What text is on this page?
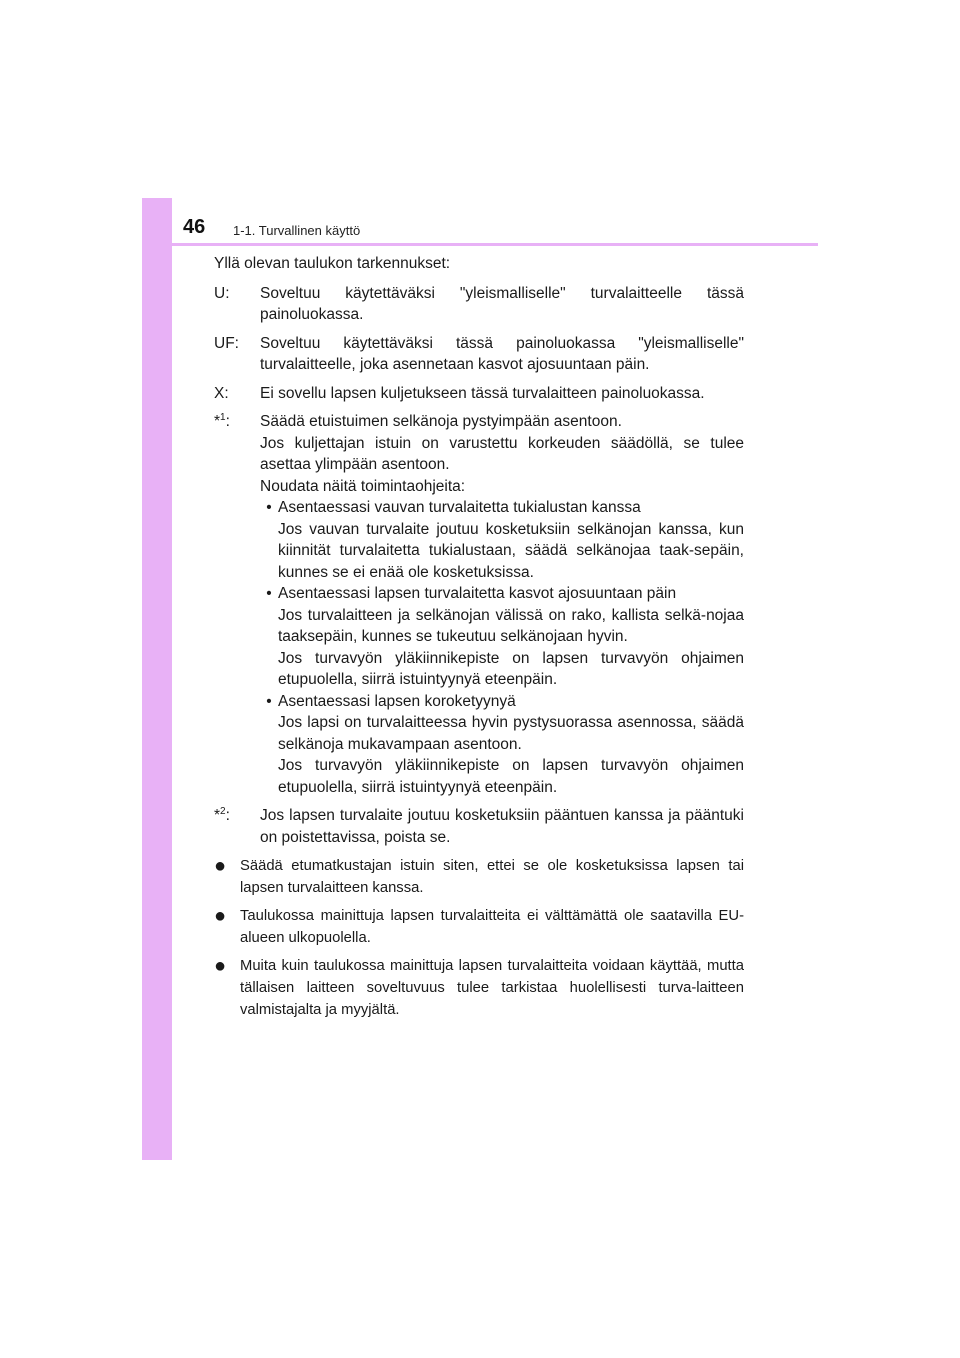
46 1-1. Turvallinen käyttö

Yllä olevan taulukon tarkennukset:

U:	Soveltuu käytettäväksi "yleismalliselle" turvalaitteelle tässä painoluokassa.
UF:	Soveltuu käytettäväksi tässä painoluokassa "yleismalliselle" turvalaitteelle, joka asennetaan kasvot ajosuuntaan päin.
X:	Ei sovellu lapsen kuljetukseen tässä turvalaitteen painoluokassa.
*$^1$:	Säädä etuistuimen selkänoja pystyimpään asentoon.

Jos kuljettajan istuin on varustettu korkeuden säädöllä, se tulee asettaa ylimpään asentoon.

Noudata näitä toimintaohjeita:

• Asentaessasi vauvan turvalaitetta tukialustan kanssa

Jos vauvan turvalaite joutuu kosketuksiin selkänojan kanssa, kun kiinnität turvalaitetta tukialustaan, säädä selkänojaa taak-sepäin, kunnes se ei enää ole kosketuksissa.

• Asentaessasi lapsen turvalaitetta kasvot ajosuuntaan päin

Jos turvalaitteen ja selkänojan välissä on rako, kallista selkä-nojaa taaksepäin, kunnes se tukeutuu selkänojaan hyvin.

Jos turvavyön yläkiinnikepiste on lapsen turvavyön ohjaimen etupuolella, siirrä istuintyynyä eteenpäin.

• Asentaessasi lapsen koroketyynyä

Jos lapsi on turvalaitteessa hyvin pystysuorassa asennossa, säädä selkänoja mukavampaan asentoon.

Jos turvavyön yläkiinnikepiste on lapsen turvavyön ohjaimen etupuolella, siirrä istuintyynyä eteenpäin.

*$^2$:	Jos lapsen turvalaite joutuu kosketuksiin pääntuen kanssa ja pääntuki on poistettavissa, poista se.
● Säädä etumatkustajan istuin siten, ettei se ole kosketuksissa lapsen tai lapsen turvalaitteen kanssa.
● Taulukossa mainittuja lapsen turvalaitteita ei välttämättä ole saatavilla EU-alueen ulkopuolella.
● Muita kuin taulukossa mainittuja lapsen turvalaitteita voidaan käyttää, mutta tällaisen laitteen soveltuvuus tulee tarkistaa huolellisesti turva-laitteen valmistajalta ja myyjältä.
